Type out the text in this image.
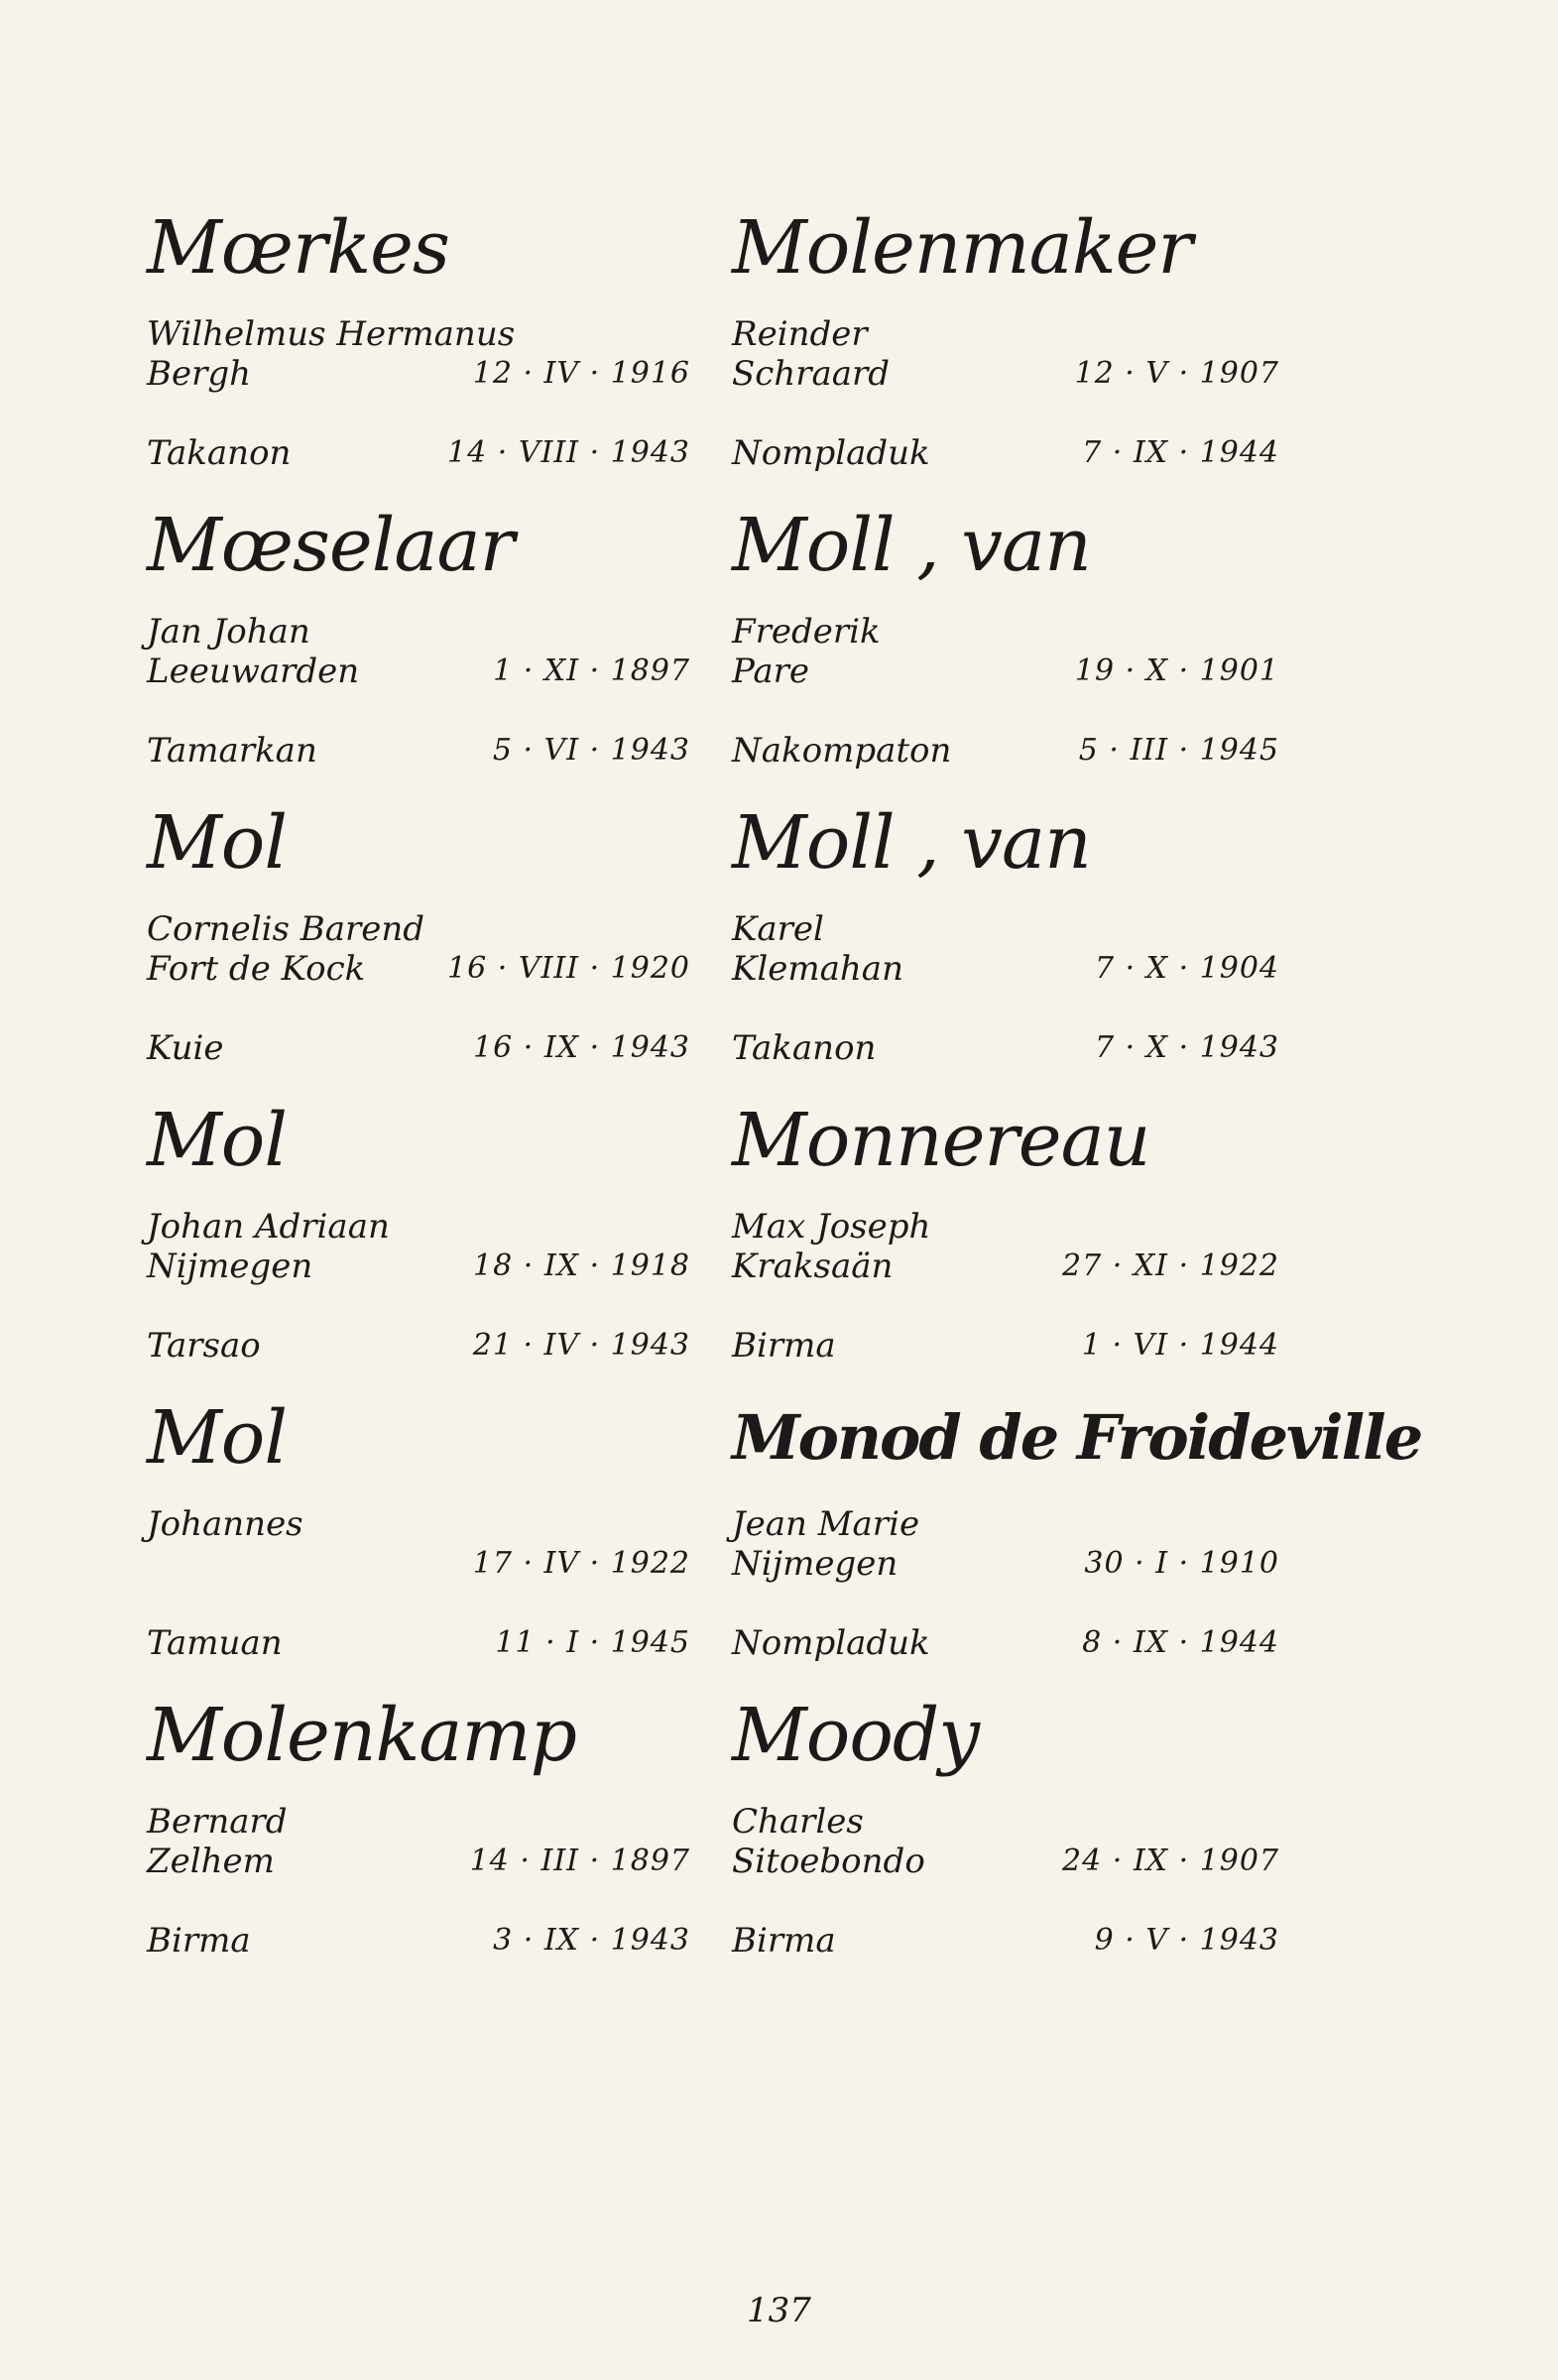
Mœrkes
Wilhelmus Hermanus
Bergh	12 · IV · 1916
Takanon	14 · VIII · 1943
Mœselaar
Jan Johan
Leeuwarden	1 · XI · 1897
Tamarkan	5 · VI · 1943
Mol
Cornelis Barend
Fort de Kock	16 · VIII · 1920
Kuie	16 · IX · 1943
Mol
Johan Adriaan
Nijmegen	18 · IX · 1918
Tarsao	21 · IV · 1943
Mol
Johannes
17 · IV · 1922
Tamuan	11 · I · 1945
Molenkamp
Bernard
Zelhem	14 · III · 1897
Birma	3 · IX · 1943
Molenmaker
Reinder
Schraard	12 · V · 1907
Nompladuk	7 · IX · 1944
Moll , van
Frederik
Pare	19 · X · 1901
Nakompaton	5 · III · 1945
Moll , van
Karel
Klemahan	7 · X · 1904
Takanon	7 · X · 1943
Monnereau
Max Joseph
Kraksaän	27 · XI · 1922
Birma	1 · VI · 1944
Monod de Froideville
Jean Marie
Nijmegen	30 · I · 1910
Nompladuk	8 · IX · 1944
Moody
Charles
Sitoebondo	24 · IX · 1907
Birma	9 · V · 1943
137
